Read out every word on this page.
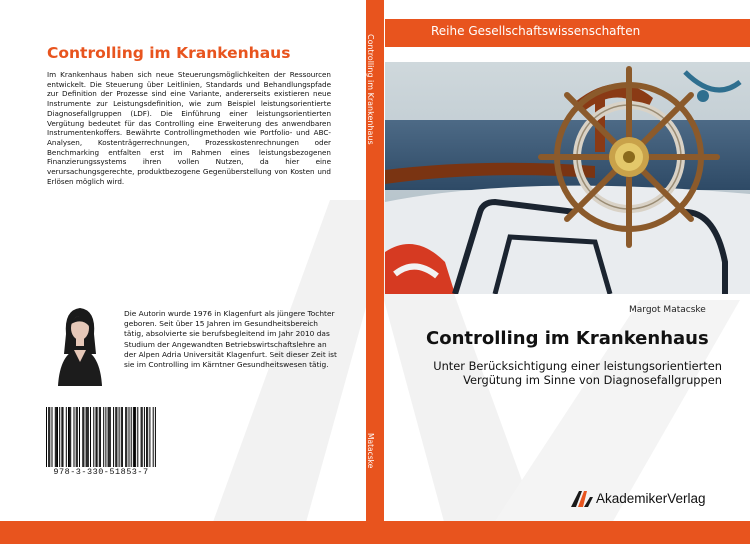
Controlling im Krankenhaus

Im Krankenhaus haben sich neue Steuerungsmöglichkeiten der Ressourcen entwickelt. Die Steuerung über Leitlinien, Standards und Behandlungspfade zur Definition der Prozesse sind eine Variante, andererseits existieren neue Instrumente zur Leistungsdefinition, wie zum Beispiel leistungsorientierte Diagnosefallgruppen (LDF). Die Einführung einer leistungsorientierten Vergütung bedeutet für das Controlling eine Erweiterung des anwendbaren Instrumentenkoffers. Bewährte Controllingmethoden wie Portfolio- und ABC-Analysen, Kostenträgerrechnungen, Prozesskostenrechnungen oder Benchmarking entfalten erst im Rahmen eines leistungsbezogenen Finanzierungssystems ihren vollen Nutzen, da hier eine verursachungsgerechte, produktbezogene Gegenüberstellung von Kosten und Erlösen möglich wird.

Die Autorin wurde 1976 in Klagenfurt als jüngere Tochter geboren. Seit über 15 Jahren im Gesundheitsbereich tätig, absolvierte sie berufsbegleitend im Jahr 2010 das Studium der Angewandten Betriebswirtschaftslehre an der Alpen Adria Universität Klagenfurt. Seit dieser Zeit ist sie im Controlling im Kärntner Gesundheitswesen tätig.

978-3-330-51853-7
Controlling im Krankenhaus
Matacske
Reihe Gesellschaftswissenschaften
Margot Matacske
Controlling im Krankenhaus

Unter Berücksichtigung einer leistungsorientierten Vergütung im Sinne von Diagnosefallgruppen

AkademikerVerlag
